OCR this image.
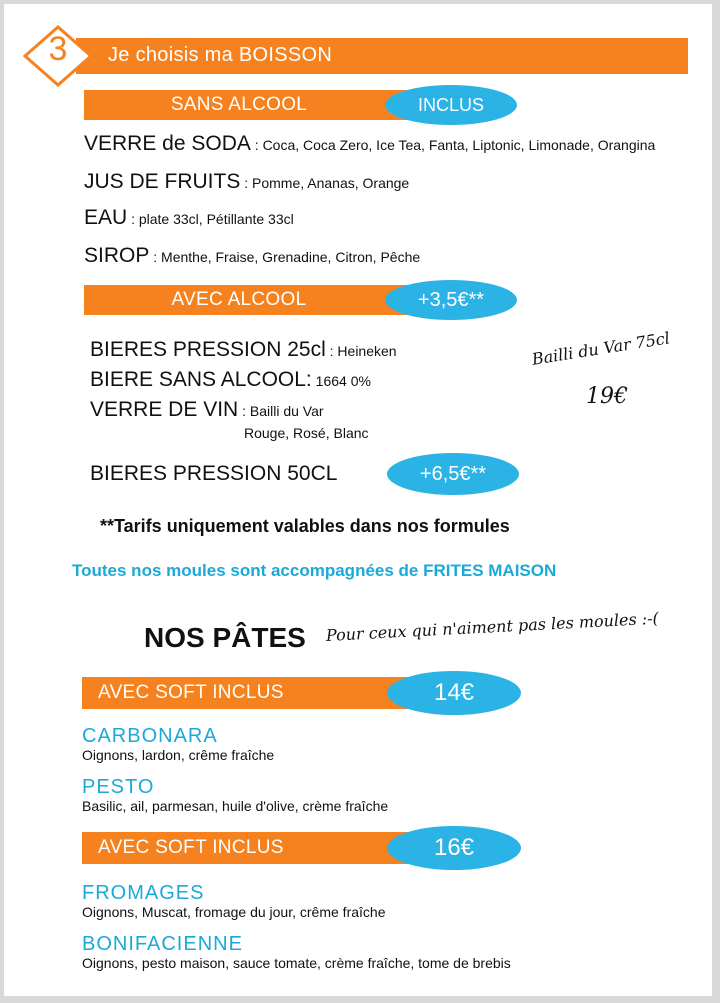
3	Je choisis ma BOISSON
SANS ALCOOL	INCLUS
VERRE de SODA : Coca, Coca Zero, Ice Tea, Fanta, Liptonic, Limonade, Orangina
JUS DE FRUITS : Pomme, Ananas, Orange
EAU : plate 33cl, Pétillante 33cl
SIROP : Menthe, Fraise, Grenadine, Citron, Pêche
AVEC ALCOOL	+3,5€**
BIERES PRESSION 25cl : Heineken
BIERE SANS ALCOOL: 1664 0%
VERRE DE VIN : Bailli du Var
Rouge, Rosé, Blanc
Bailli du Var 75cl
19€
BIERES PRESSION 50CL	+6,5€**
**Tarifs uniquement valables dans nos formules
Toutes nos moules sont accompagnées de FRITES MAISON
NOS PÂTES Pour ceux qui n'aiment pas les moules :-(
AVEC SOFT INCLUS	14€
CARBONARA
Oignons, lardon, crême fraîche
PESTO
Basilic, ail, parmesan, huile d'olive, crème fraîche
AVEC SOFT INCLUS	16€
FROMAGES
Oignons, Muscat, fromage du jour, crême fraîche
BONIFACIENNE
Oignons, pesto maison, sauce tomate, crème fraîche, tome de brebis
